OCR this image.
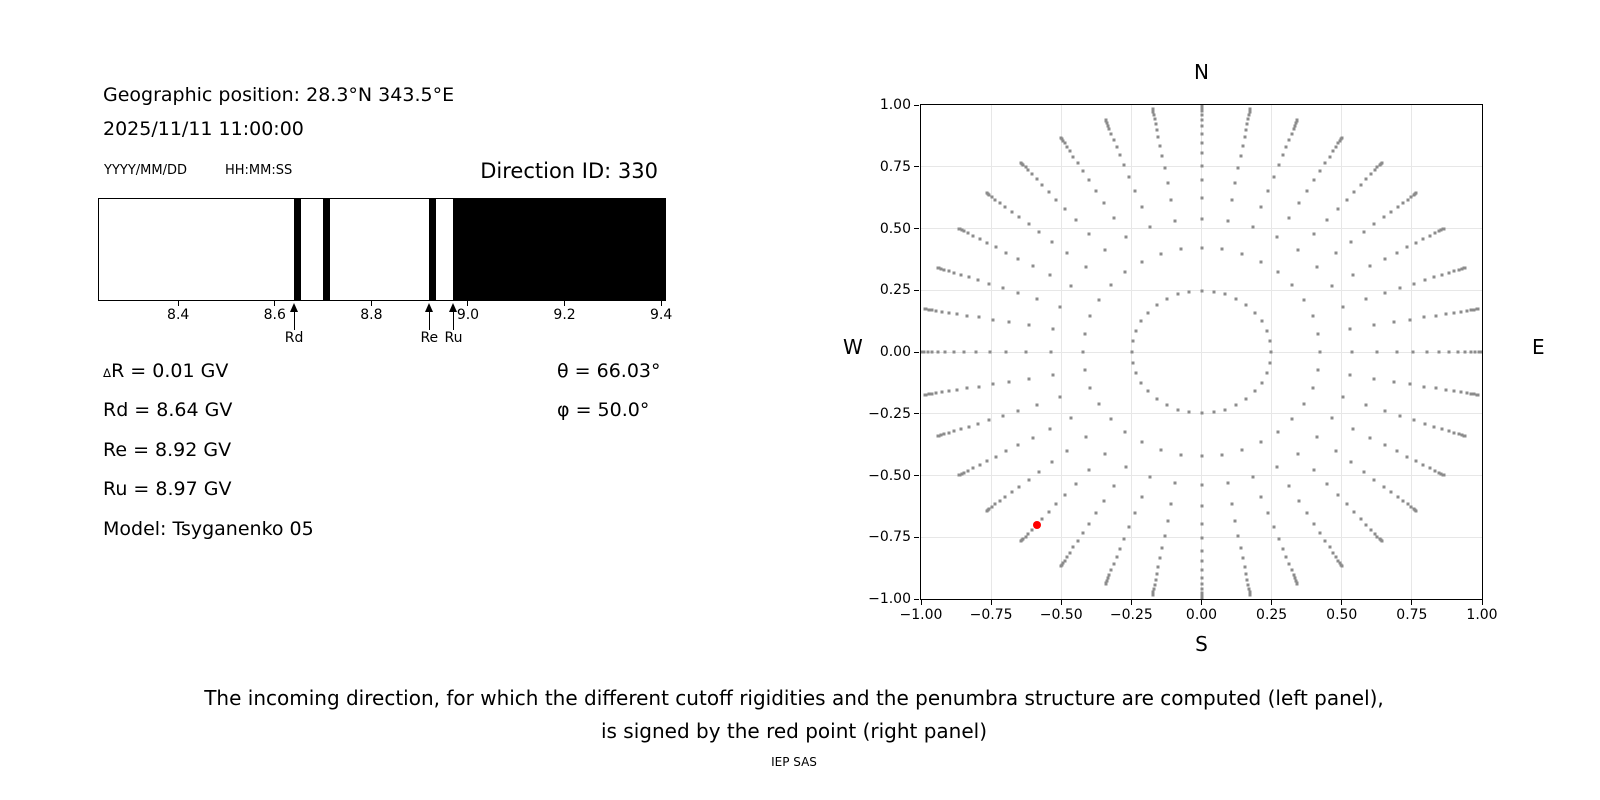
Geographic position: 28.3°N 343.5°E
2025/11/11 11:00:00
YYYY/MM/DD	HH:MM:SS	Direction ID: 330
ΔR = 0.01 GV
Rd = 8.64 GV
Re = 8.92 GV
Ru = 8.97 GV
Model: Tsyganenko 05
θ = 66.03°
φ = 50.0°
The incoming direction, for which the different cutoff rigidities and the penumbra structure are computed (left panel),
is signed by the red point (right panel)
IEP SAS
8.4	8.6	8.8	9.0	9.2	9.4
Rd	Re Ru
−1.00 −0.75 −0.50 −0.25 0.00	0.25	0.50	0.75	1.00
1.00
0.75
0.50
0.25
0.00
−0.25
−0.50
−0.75
−1.00
N
S
W	E
